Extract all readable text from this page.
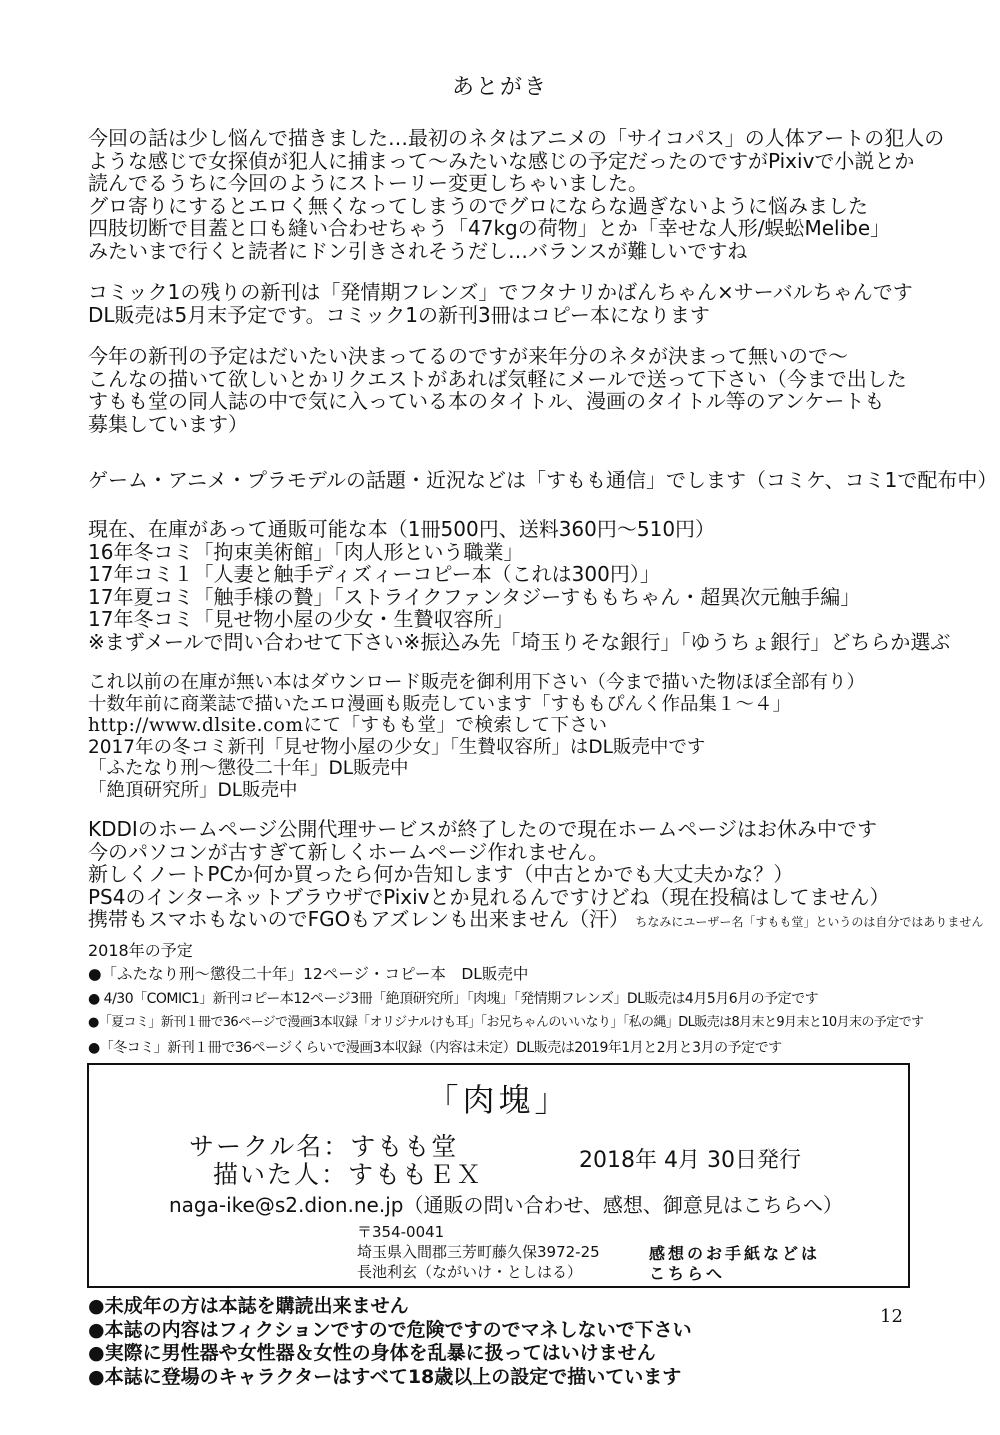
あとがき
今回の話は少し悩んで描きました…最初のネタはアニメの「サイコパス」の人体アートの犯人の
ような感じで女探偵が犯人に捕まって～みたいな感じの予定だったのですがPixivで小説とか
読んでるうちに今回のようにストーリー変更しちゃいました。
グロ寄りにするとエロく無くなってしまうのでグロにならな過ぎないように悩みました
四肢切断で目蓋と口も縫い合わせちゃう「47kgの荷物」とか「幸せな人形/蜈蚣Melibe」
みたいまで行くと読者にドン引きされそうだし…バランスが難しいですね
コミック1の残りの新刊は「発情期フレンズ」でフタナリかばんちゃん×サーバルちゃんです
DL販売は5月末予定です。コミック1の新刊3冊はコピー本になります
今年の新刊の予定はだいたい決まってるのですが来年分のネタが決まって無いので～
こんなの描いて欲しいとかリクエストがあれば気軽にメールで送って下さい（今まで出した
すもも堂の同人誌の中で気に入っている本のタイトル、漫画のタイトル等のアンケートも
募集しています）
ゲーム・アニメ・プラモデルの話題・近況などは「すもも通信」でします（コミケ、コミ1で配布中）
現在、在庫があって通販可能な本（1冊500円、送料360円～510円）
16年冬コミ「拘束美術館」「肉人形という職業」
17年コミ１「人妻と触手ディズィーコピー本（これは300円）」
17年夏コミ「触手様の贄」「ストライクファンタジーすももちゃん・超異次元触手編」
17年冬コミ「見せ物小屋の少女・生贄収容所」
※まずメールで問い合わせて下さい※振込み先「埼玉りそな銀行」「ゆうちょ銀行」どちらか選ぶ
これ以前の在庫が無い本はダウンロード販売を御利用下さい（今まで描いた物ほぼ全部有り）
十数年前に商業誌で描いたエロ漫画も販売しています「すももぴんく作品集１～４」
http://www.dlsite.comにて「すもも堂」で検索して下さい
2017年の冬コミ新刊「見せ物小屋の少女」「生贄収容所」はDL販売中です
「ふたなり刑～懲役二十年」DL販売中
「絶頂研究所」DL販売中
KDDIのホームページ公開代理サービスが終了したので現在ホームページはお休み中です
今のパソコンが古すぎて新しくホームページ作れません。
新しくノートPCか何か買ったら何か告知します（中古とかでも大丈夫かな？）
PS4のインターネットブラウザでPixivとか見れるんですけどね（現在投稿はしてません）
携帯もスマホもないのでFGOもアズレンも出来ません（汗） ちなみにユーザー名「すもも堂」というのは自分ではありません
2018年の予定
●「ふたなり刑～懲役二十年」12ページ・コピー本　DL販売中
● 4/30「COMIC1」新刊コピー本12ページ3冊「絶頂研究所」「肉塊」「発情期フレンズ」DL販売は4月5月6月の予定です
●「夏コミ」新刊１冊で36ページで漫画3本収録「オリジナルけも耳」「お兄ちゃんのいいなり」「私の縄」DL販売は8月末と9月末と10月末の予定です
●「冬コミ」新刊１冊で36ページくらいで漫画3本収録（内容は未定）DL販売は2019年1月と2月と3月の予定です
「肉塊」
サークル名：すもも堂
描いた人：すももＥＸ	2018年 4月 30日発行
naga-ike@s2.dion.ne.jp（通販の問い合わせ、感想、御意見はこちらへ）
〒354-0041
埼玉県入間郡三芳町藤久保3972-25
長池利玄（ながいけ・としはる）
感想のお手紙などは
こちらへ
●未成年の方は本誌を購読出来ません
●本誌の内容はフィクションですので危険ですのでマネしないで下さい
●実際に男性器や女性器＆女性の身体を乱暴に扱ってはいけません
●本誌に登場のキャラクターはすべて18歳以上の設定で描いています
12
